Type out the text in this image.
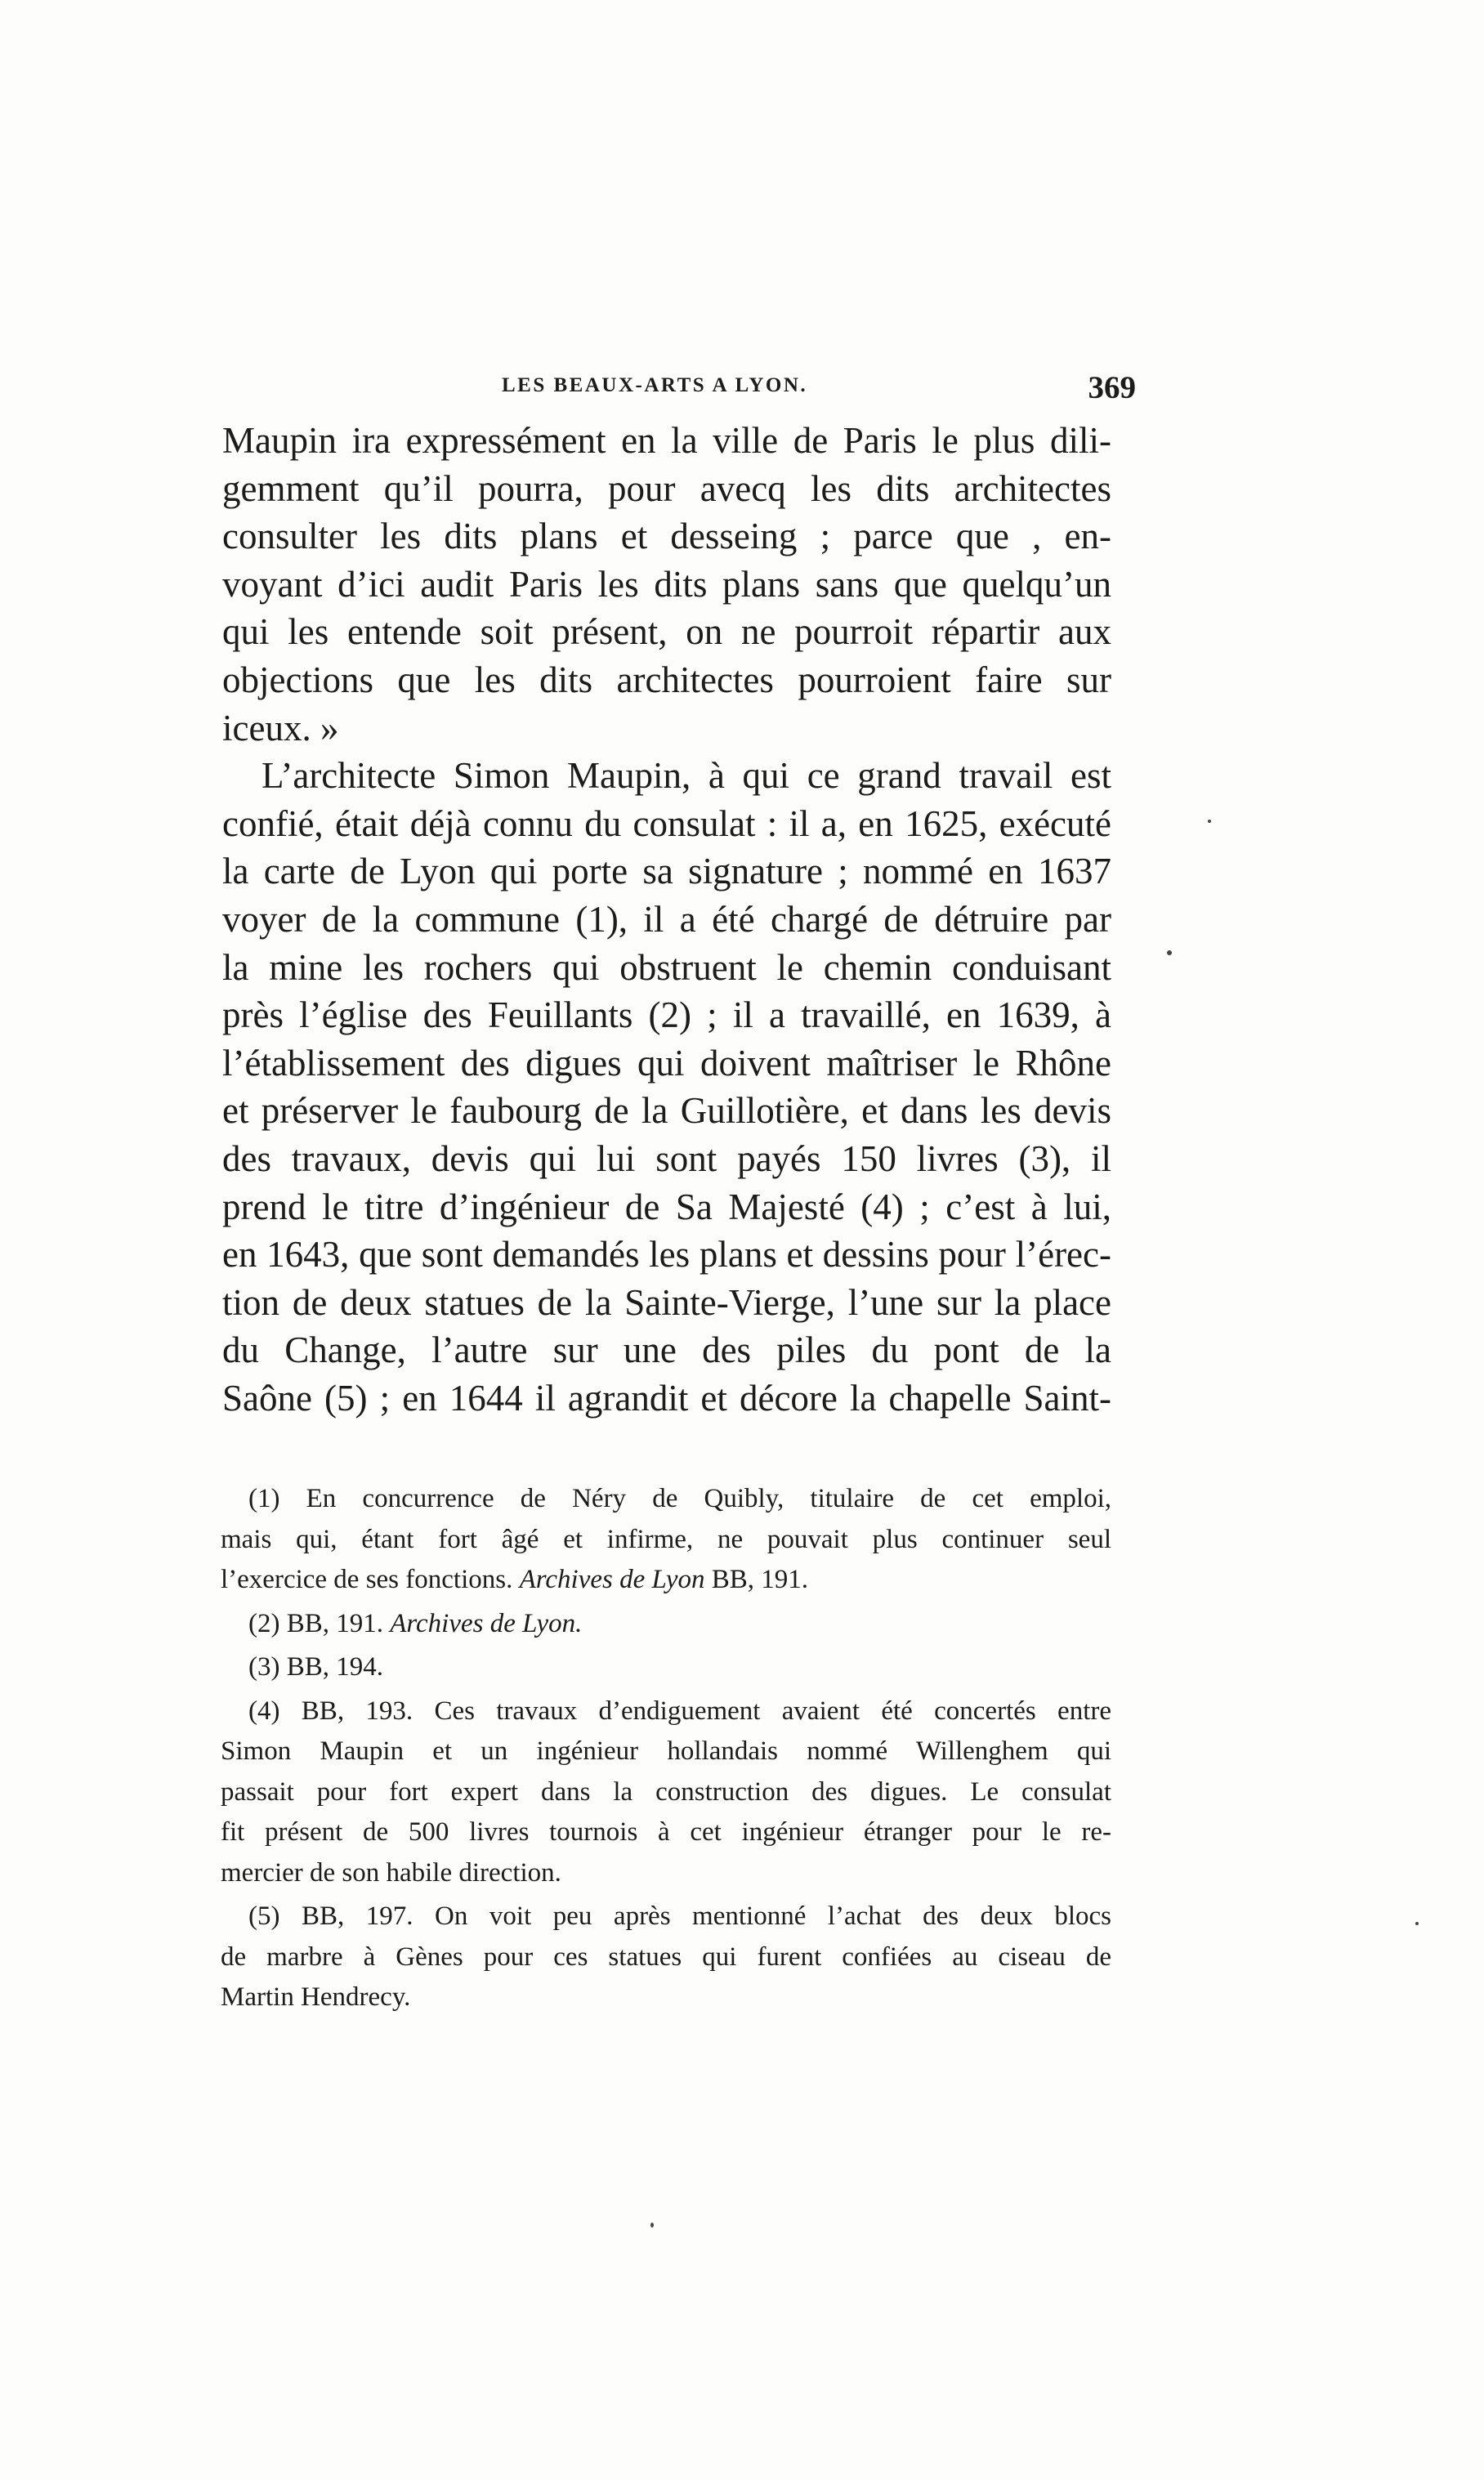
LES BEAUX-ARTS A LYON.	369
Maupin ira expressément en la ville de Paris le plus dili-
gemment qu’il pourra, pour avecq les dits architectes
consulter les dits plans et desseing ; parce que , en-
voyant d’ici audit Paris les dits plans sans que quelqu’un
qui les entende soit présent, on ne pourroit répartir aux
objections que les dits architectes pourroient faire sur
iceux. »
L’architecte Simon Maupin, à qui ce grand travail est
confié, était déjà connu du consulat : il a, en 1625, exécuté
la carte de Lyon qui porte sa signature ; nommé en 1637
voyer de la commune (1), il a été chargé de détruire par
la mine les rochers qui obstruent le chemin conduisant
près l’église des Feuillants (2) ; il a travaillé, en 1639, à
l’établissement des digues qui doivent maîtriser le Rhône
et préserver le faubourg de la Guillotière, et dans les devis
des travaux, devis qui lui sont payés 150 livres (3), il
prend le titre d’ingénieur de Sa Majesté (4) ; c’est à lui,
en 1643, que sont demandés les plans et dessins pour l’érec-
tion de deux statues de la Sainte-Vierge, l’une sur la place
du Change, l’autre sur une des piles du pont de la
Saône (5) ; en 1644 il agrandit et décore la chapelle Saint-
(1) En concurrence de Néry de Quibly, titulaire de cet emploi,
mais qui, étant fort âgé et infirme, ne pouvait plus continuer seul
l’exercice de ses fonctions. Archives de Lyon BB, 191.
(2) BB, 191. Archives de Lyon.
(3) BB, 194.
(4) BB, 193. Ces travaux d’endiguement avaient été concertés entre
Simon Maupin et un ingénieur hollandais nommé Willenghem qui
passait pour fort expert dans la construction des digues. Le consulat
fit présent de 500 livres tournois à cet ingénieur étranger pour le re-
mercier de son habile direction.
(5) BB, 197. On voit peu après mentionné l’achat des deux blocs
de marbre à Gènes pour ces statues qui furent confiées au ciseau de
Martin Hendrecy.
